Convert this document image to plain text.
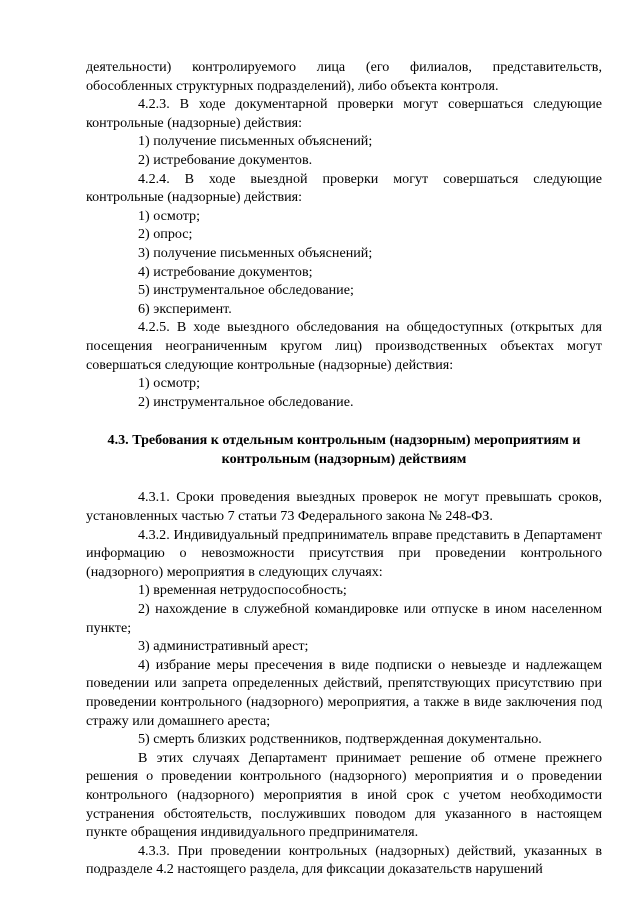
деятельности) контролируемого лица (его филиалов, представительств, обособленных структурных подразделений), либо объекта контроля.

4.2.3. В ходе документарной проверки могут совершаться следующие контрольные (надзорные) действия:

1) получение письменных объяснений;

2) истребование документов.

4.2.4. В ходе выездной проверки могут совершаться следующие контрольные (надзорные) действия:

1) осмотр;

2) опрос;

3) получение письменных объяснений;

4) истребование документов;

5) инструментальное обследование;

6) эксперимент.

4.2.5. В ходе выездного обследования на общедоступных (открытых для посещения неограниченным кругом лиц) производственных объектах могут совершаться следующие контрольные (надзорные) действия:

1) осмотр;

2) инструментальное обследование.

4.3. Требования к отдельным контрольным (надзорным) мероприятиям и
контрольным (надзорным) действиям

4.3.1. Сроки проведения выездных проверок не могут превышать сроков, установленных частью 7 статьи 73 Федерального закона № 248-ФЗ.

4.3.2. Индивидуальный предприниматель вправе представить в Департамент информацию о невозможности присутствия при проведении контрольного (надзорного) мероприятия в следующих случаях:

1) временная нетрудоспособность;

2) нахождение в служебной командировке или отпуске в ином населенном пункте;

3) административный арест;

4) избрание меры пресечения в виде подписки о невыезде и надлежащем поведении или запрета определенных действий, препятствующих присутствию при проведении контрольного (надзорного) мероприятия, а также в виде заключения под стражу или домашнего ареста;

5) смерть близких родственников, подтвержденная документально.

В этих случаях Департамент принимает решение об отмене прежнего решения о проведении контрольного (надзорного) мероприятия и о проведении контрольного (надзорного) мероприятия в иной срок с учетом необходимости устранения обстоятельств, послуживших поводом для указанного в настоящем пункте обращения индивидуального предпринимателя.

4.3.3. При проведении контрольных (надзорных) действий, указанных в подразделе 4.2 настоящего раздела, для фиксации доказательств нарушений
